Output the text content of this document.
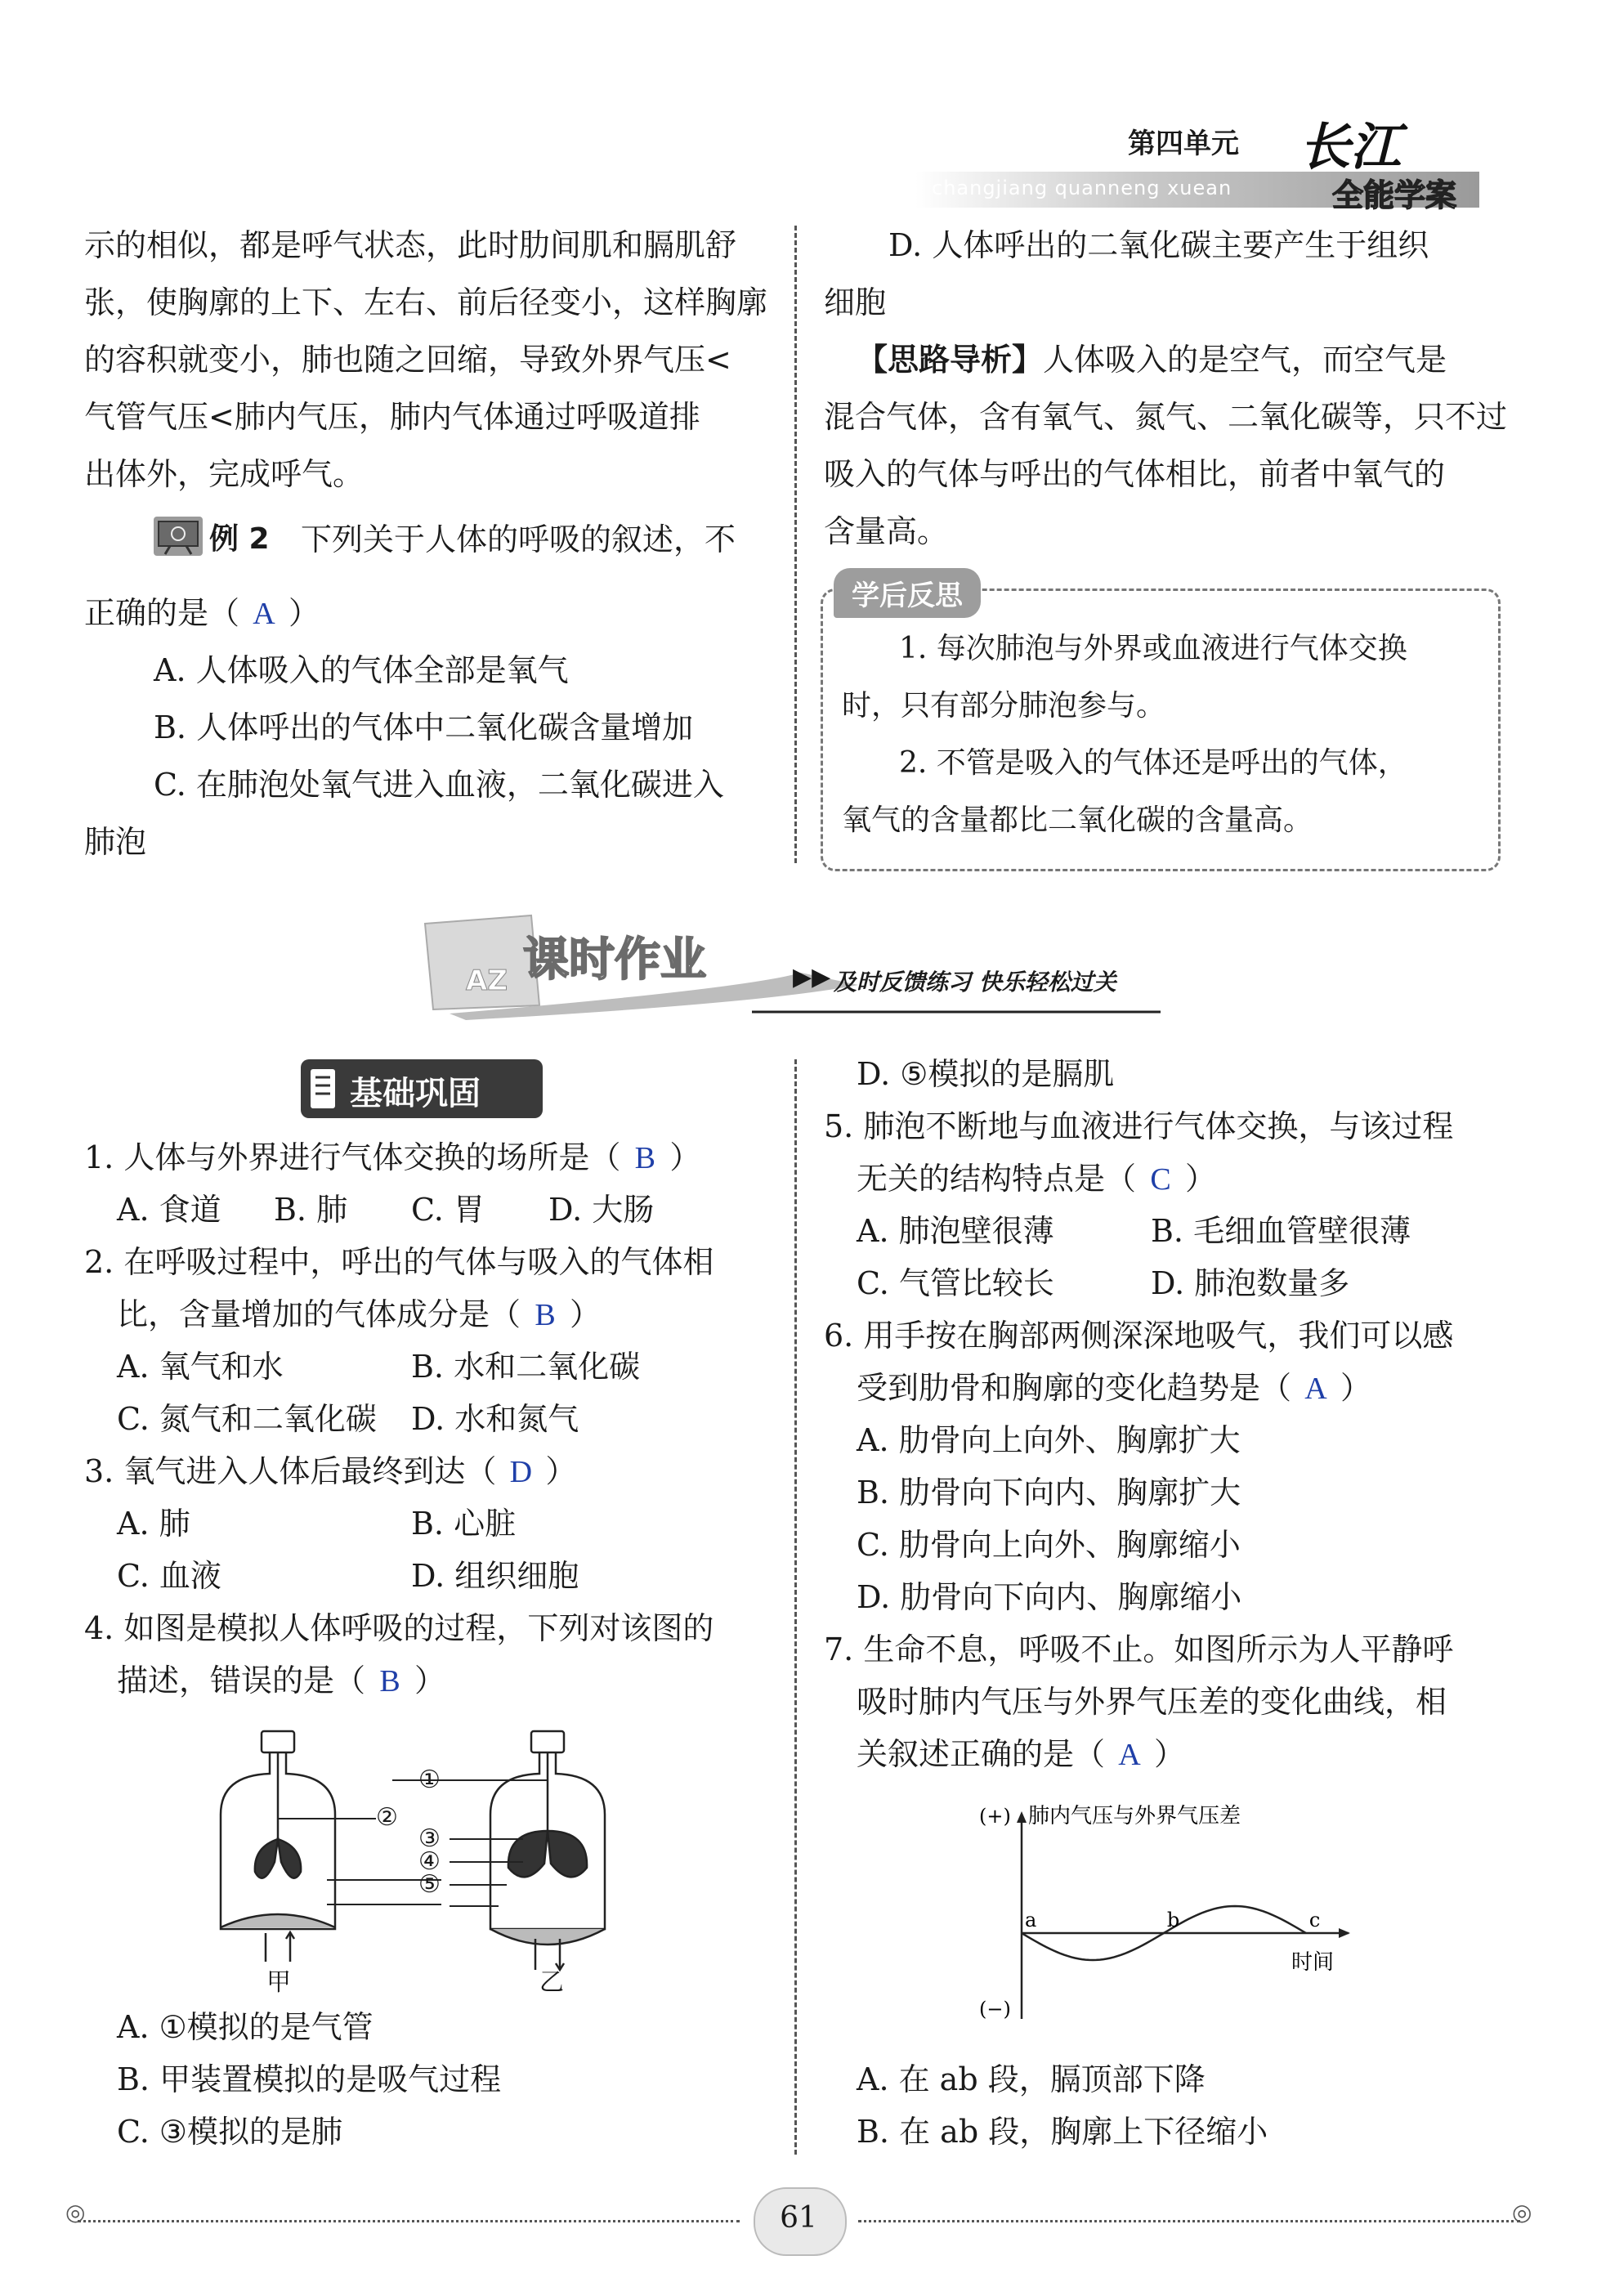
第四单元
changjiang quanneng xuean
长江
全能学案
示的相似，都是呼气状态，此时肋间肌和膈肌舒
张，使胸廓的上下、左右、前后径变小，这样胸廓
的容积就变小，肺也随之回缩，导致外界气压<
气管气压<肺内气压，肺内气体通过呼吸道排
出体外，完成呼气。
例 2 下列关于人体的呼吸的叙述，不
正确的是（ A ）
A. 人体吸入的气体全部是氧气
B. 人体呼出的气体中二氧化碳含量增加
C. 在肺泡处氧气进入血液，二氧化碳进入
肺泡
D. 人体呼出的二氧化碳主要产生于组织
细胞
【思路导析】人体吸入的是空气，而空气是
混合气体，含有氧气、氮气、二氧化碳等，只不过
吸入的气体与呼出的气体相比，前者中氧气的
含量高。
学后反思
1. 每次肺泡与外界或血液进行气体交换
时，只有部分肺泡参与。
2. 不管是吸入的气体还是呼出的气体，
氧气的含量都比二氧化碳的含量高。
AZ 课时作业	▶▶ 及时反馈练习 快乐轻松过关
基础巩固
1. 人体与外界进行气体交换的场所是（ B ）
A. 食道 B. 肺 C. 胃 D. 大肠
2. 在呼吸过程中，呼出的气体与吸入的气体相
比，含量增加的气体成分是（ B ）
A. 氧气和水	B. 水和二氧化碳
C. 氮气和二氧化碳 D. 水和氮气
3. 氧气进入人体后最终到达（ D ）
A. 肺	B. 心脏
C. 血液	D. 组织细胞
4. 如图是模拟人体呼吸的过程，下列对该图的
描述，错误的是（ B ）
①
②
③
④
⑤
甲	乙
A. ①模拟的是气管
B. 甲装置模拟的是吸气过程
C. ③模拟的是肺
D. ⑤模拟的是膈肌
5. 肺泡不断地与血液进行气体交换，与该过程
无关的结构特点是（ C ）
A. 肺泡壁很薄	B. 毛细血管壁很薄
C. 气管比较长	D. 肺泡数量多
6. 用手按在胸部两侧深深地吸气，我们可以感
受到肋骨和胸廓的变化趋势是（ A ）
A. 肋骨向上向外、胸廓扩大
B. 肋骨向下向内、胸廓扩大
C. 肋骨向上向外、胸廓缩小
D. 肋骨向下向内、胸廓缩小
7. 生命不息，呼吸不止。如图所示为人平静呼
吸时肺内气压与外界气压差的变化曲线，相
关叙述正确的是（ A ）
肺内气压与外界气压差
(+)
(−)
时间
a	b	c
A. 在 ab 段，膈顶部下降
B. 在 ab 段，胸廓上下径缩小
◎	◎
61
